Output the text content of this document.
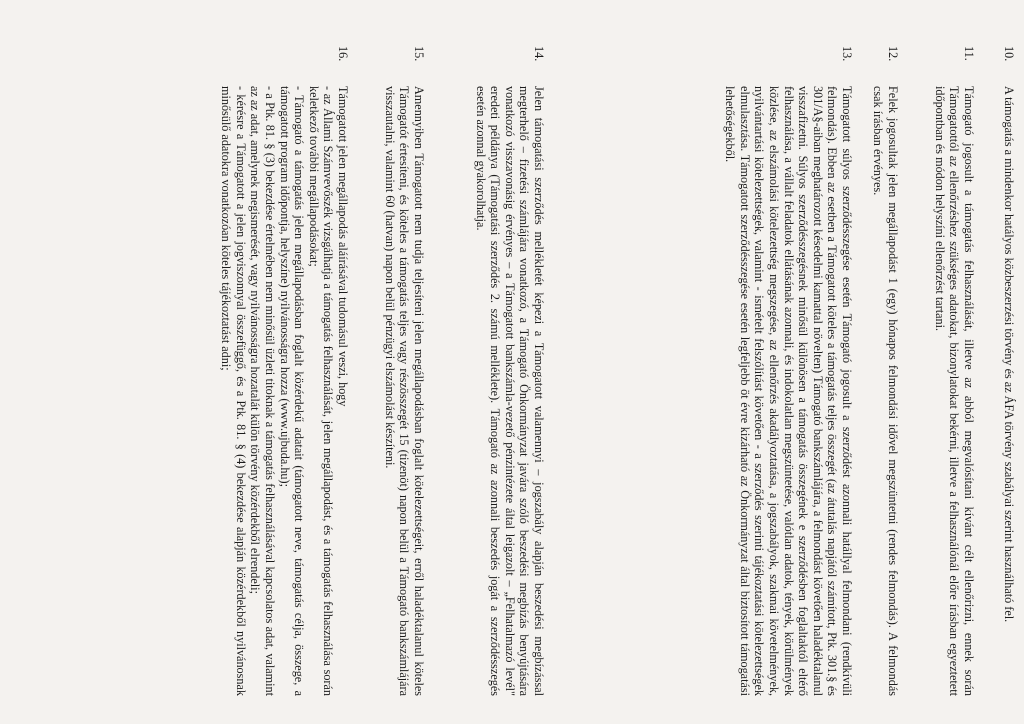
10.
A támogatás a mindenkor hatályos közbeszerzési törvény és az ÁFA törvény szabályai szerint használható fel.
11.
Támogató jogosult a támogatás felhasználását, illetve az abból megvalósítani kívánt célt ellenőrizni, ennek során Támogatottól az ellenőrzéshez szükséges adatokat, bizonylatokat bekérni, illetve a felhasználónál előre írásban egyeztetett időpontban és módon helyszíni ellenőrzést tartani.
12.
Felek jogosultak jelen megállapodást 1 (egy) hónapos felmondási idővel megszüntetni (rendes felmondás). A felmondás csak írásban érvényes.
13.
Támogatott súlyos szerződésszegése esetén Támogató jogosult a szerződést azonnali hatállyal felmondani (rendkívüli felmondás). Ebben az esetben a Támogatott köteles a támogatás teljes összegét (az átutalás napjától számított, Ptk. 301.§ és 301/A§-aiban meghatározott késedelmi kamattal növelten) Támogató bankszámlájára, a felmondást követően haladéktalanul visszafizetni. Súlyos szerződésszegésnek minősül különösen a támogatás összegének e szerződésben foglaltaktól eltérő felhasználása, a vállalt feladatok ellátásának azonnali, és indokolatlan megszüntetése, valótlan adatok, tények, körülmények közlése, az elszámolási kötelezettség megszegése, az ellenőrzés akadályoztatása, a jogszabályok, szakmai követelmények, nyilvántartási kötelezettségek, valamint - ismételt felszólítást követően - a szerződés szerinti tájékoztatási kötelezettségek elmulasztása. Támogatott szerződésszegése esetén legfeljebb öt évre kizárható az Önkormányzat által biztosított támogatási lehetőségekből.
14.
Jelen támogatási szerződés mellékletét képezi a Támogatott valamennyi – jogszabály alapján beszedési megbízással megterhelő – fizetési számlájára vonatkozó, a Támogató Önkormányzat javára szóló beszedési megbízás benyújtására vonatkozó visszavonásig érvényes – a Támogatott bankszámla-vezető pénzintézete által leigazolt – „Felhatalmazó levél" eredeti példánya (Támogatási szerződés 2. számú melléklete). Támogató az azonnali beszedés jogát a szerződésszegés esetén azonnal gyakorolhatja.
15.
Amennyiben Támogatott nem tudja teljesíteni jelen megállapodásban foglalt kötelezettségeit, erről haladéktalanul köteles Támogatót értesíteni, és köteles a támogatás teljes vagy részösszegét 15 (tizenöt) napon belül a Támogató bankszámlájára visszautalni, valamint 60 (hatvan) napon belül pénzügyi elszámolást készíteni.
16.
Támogatott jelen megállapodás aláírásával tudomásul veszi, hogy
- az Állami Számvevőszék vizsgálhatja a támogatás felhasználását, jelen megállapodást, és a támogatás felhasználása során keletkező további megállapodásokat;
- Támogató a támogatás jelen megállapodásban foglalt közérdekű adatait (támogatott neve, támogatás célja, összege, a támogatott program időpontja, helyszíne) nyilvánosságra hozza (www.ujbuda.hu);
- a Ptk. 81. § (3) bekezdése értelmében nem minősül üzleti titoknak a támogatás felhasználásával kapcsolatos adat, valamint az az adat, amelynek megismerését, vagy nyilvánosságra hozatalát külön törvény közérdekből elrendeli;
- kérésre a Támogatott a jelen jogviszonnyal összefüggő, és a Ptk. 81. § (4) bekezdése alapján közérdekből nyilvánosnak minősülő adatokra vonatkozóan köteles tájékoztatást adni;
